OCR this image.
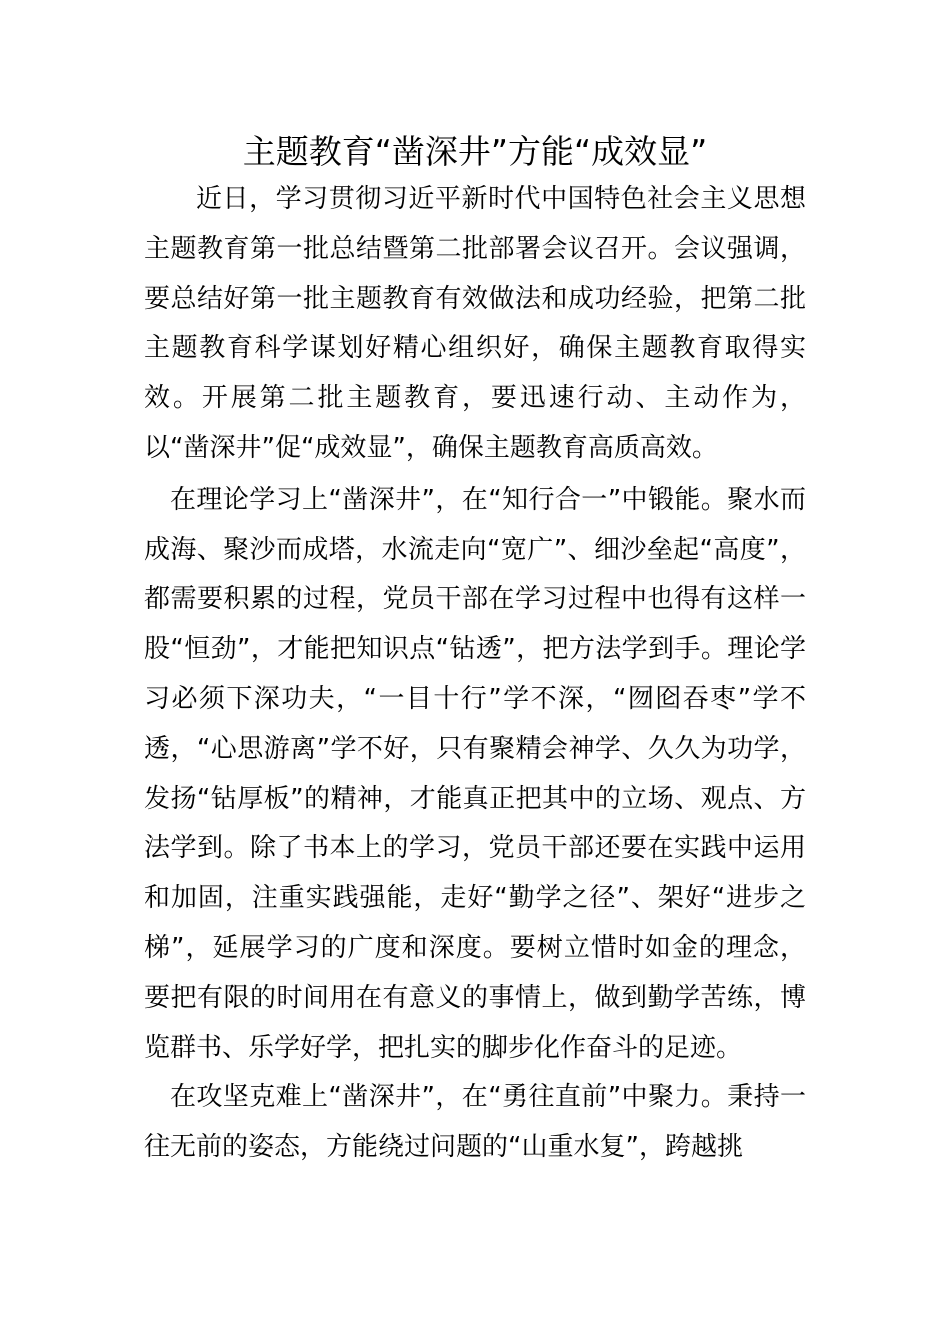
主题教育“凿深井”方能“成效显”

近日，学习贯彻习近平新时代中国特色社会主义思想主题教育第一批总结暨第二批部署会议召开。会议强调，要总结好第一批主题教育有效做法和成功经验，把第二批主题教育科学谋划好精心组织好，确保主题教育取得实效。开展第二批主题教育，要迅速行动、主动作为，以“凿深井”促“成效显”，确保主题教育高质高效。

在理论学习上“凿深井”，在“知行合一”中锻能。聚水而成海、聚沙而成塔，水流走向“宽广”、细沙垒起“高度”，都需要积累的过程，党员干部在学习过程中也得有这样一股“恒劲”，才能把知识点“钻透”，把方法学到手。理论学习必须下深功夫，“一目十行”学不深，“囫囵吞枣”学不透，“心思游离”学不好，只有聚精会神学、久久为功学，发扬“钻厚板”的精神，才能真正把其中的立场、观点、方法学到。除了书本上的学习，党员干部还要在实践中运用和加固，注重实践强能，走好“勤学之径”、架好“进步之梯”，延展学习的广度和深度。要树立惜时如金的理念，要把有限的时间用在有意义的事情上，做到勤学苦练，博览群书、乐学好学，把扎实的脚步化作奋斗的足迹。

在攻坚克难上“凿深井”，在“勇往直前”中聚力。秉持一往无前的姿态，方能绕过问题的“山重水复”，跨越挑
